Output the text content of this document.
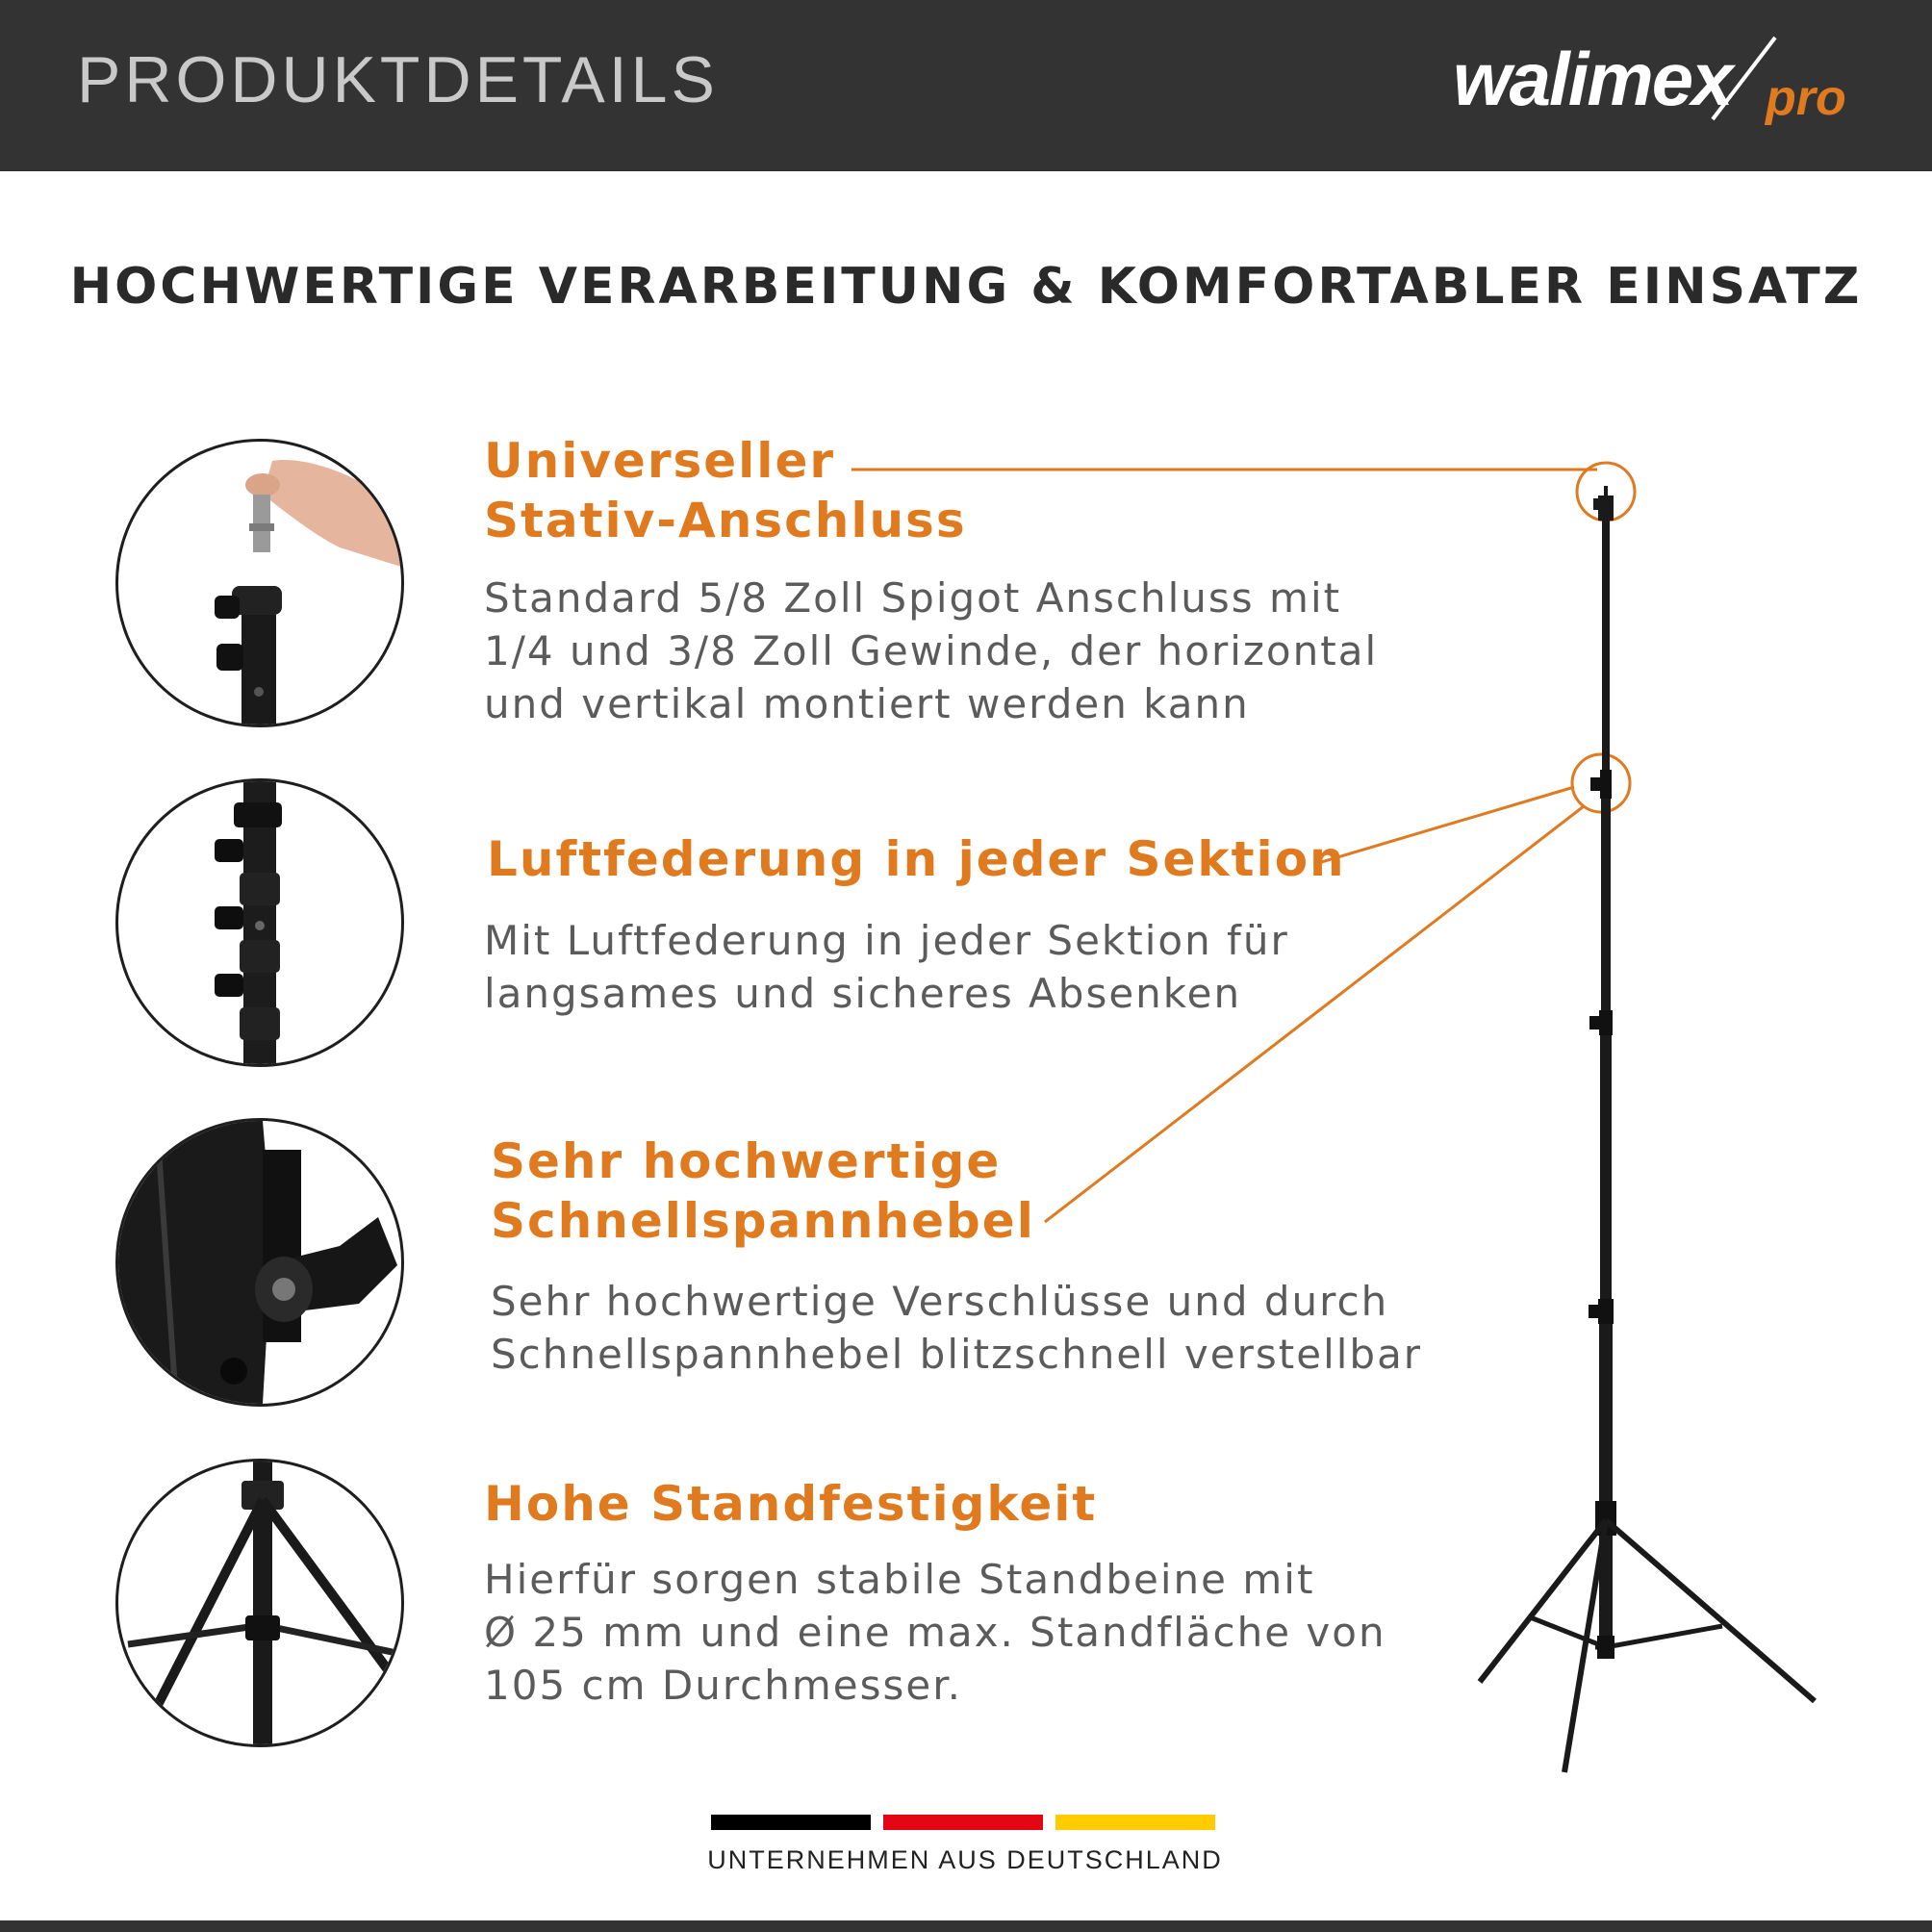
PRODUKTDETAILS	walimex pro
HOCHWERTIGE VERARBEITUNG & KOMFORTABLER EINSATZ
Universeller
Stativ-Anschluss
Standard 5/8 Zoll Spigot Anschluss mit
1/4 und 3/8 Zoll Gewinde, der horizontal
und vertikal montiert werden kann
Luftfederung in jeder Sektion
Mit Luftfederung in jeder Sektion für
langsames und sicheres Absenken
Sehr hochwertige
Schnellspannhebel
Sehr hochwertige Verschlüsse und durch
Schnellspannhebel blitzschnell verstellbar
Hohe Standfestigkeit
Hierfür sorgen stabile Standbeine mit
Ø 25 mm und eine max. Standfläche von
105 cm Durchmesser.
UNTERNEHMEN AUS DEUTSCHLAND
